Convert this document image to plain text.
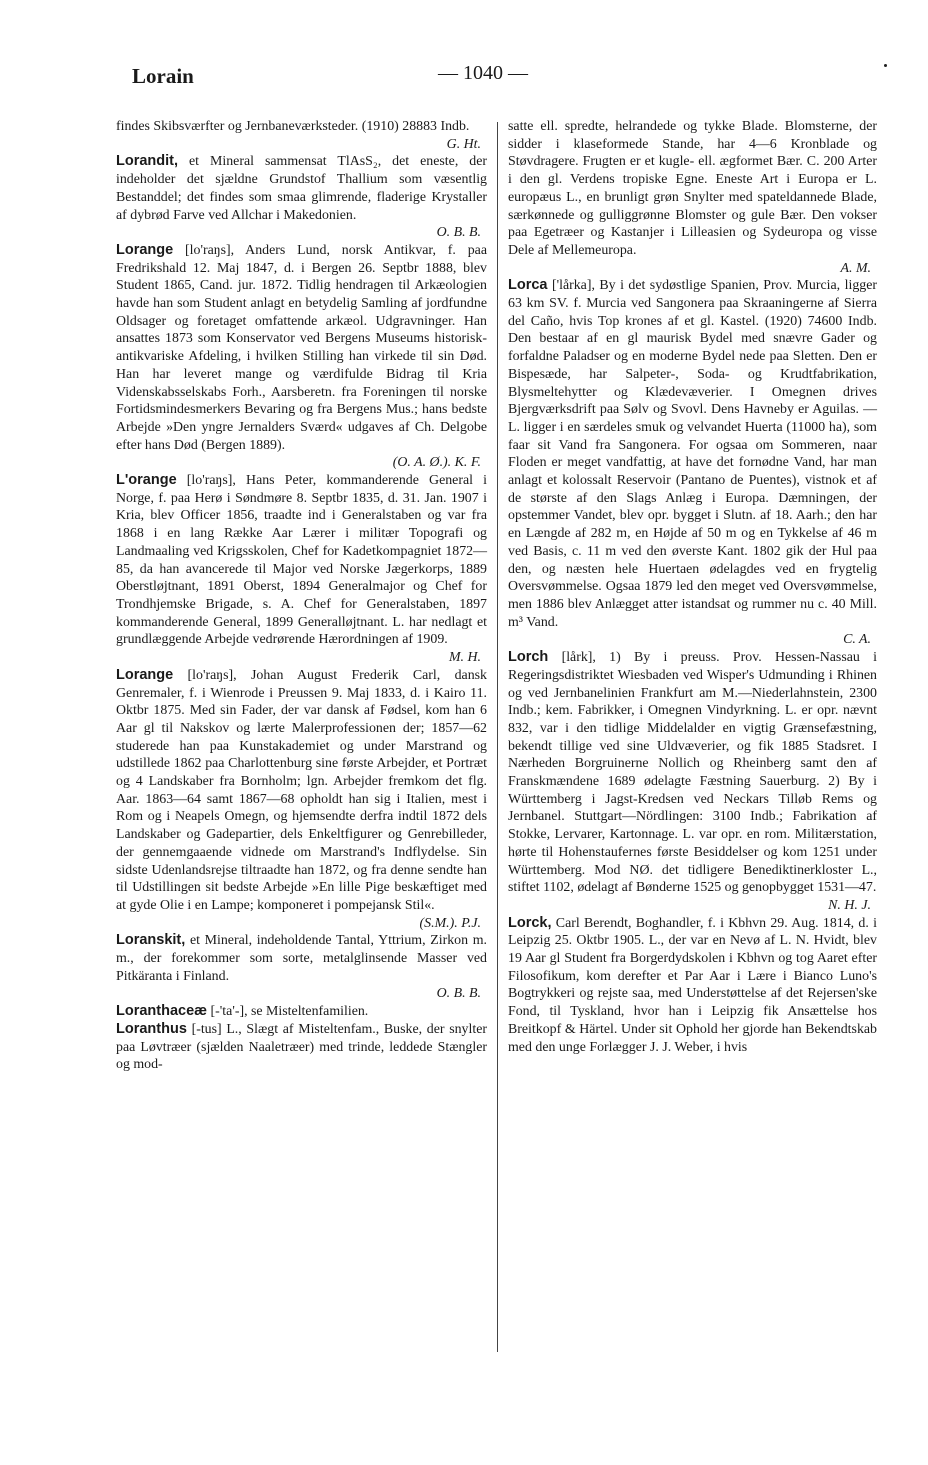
Lorain	— 1040 —

findes Skibsværfter og Jernbaneværksteder. (1910) 28883 Indb.
G. Ht.

Lorandit, et Mineral sammensat TlAsS₂, det eneste, der indeholder det sjældne Grundstof Thallium som væsentlig Bestanddel; det findes som smaa glimrende, fladerige Krystaller af dybrød Farve ved Allchar i Makedonien.
O. B. B.

Lorange [lo'raŋs], Anders Lund, norsk Antikvar, f. paa Fredrikshald 12. Maj 1847, d. i Bergen 26. Septbr 1888, blev Student 1865, Cand. jur. 1872. Tidlig hendragen til Arkæologien havde han som Student anlagt en betydelig Samling af jordfundne Oldsager og foretaget omfattende arkæol. Udgravninger. Han ansattes 1873 som Konservator ved Bergens Museums historisk-antikvariske Afdeling, i hvilken Stilling han virkede til sin Død. Han har leveret mange og værdifulde Bidrag til Kria Videnskabsselskabs Forh., Aarsberetn. fra Foreningen til norske Fortidsmindesmerkers Bevaring og fra Bergens Mus.; hans bedste Arbejde »Den yngre Jernalders Sværd« udgaves af Ch. Delgobe efter hans Død (Bergen 1889).
(O. A. Ø.). K. F.

L'orange [lo'raŋs], Hans Peter, kommanderende General i Norge, f. paa Herø i Søndmøre 8. Septbr 1835, d. 31. Jan. 1907 i Kria, blev Officer 1856, traadte ind i Generalstaben og var fra 1868 i en lang Række Aar Lærer i militær Topografi og Landmaaling ved Krigsskolen, Chef for Kadetkompagniet 1872—85, da han avancerede til Major ved Norske Jægerkorps, 1889 Oberstløjtnant, 1891 Oberst, 1894 Generalmajor og Chef for Trondhjemske Brigade, s. A. Chef for Generalstaben, 1897 kommanderende General, 1899 Generalløjtnant. L. har nedlagt et grundlæggende Arbejde vedrørende Hærordningen af 1909.
M. H.

Lorange [lo'raŋs], Johan August Frederik Carl, dansk Genremaler, f. i Wienrode i Preussen 9. Maj 1833, d. i Kairo 11. Oktbr 1875. Med sin Fader, der var dansk af Fødsel, kom han 6 Aar gl til Nakskov og lærte Malerprofessionen der; 1857—62 studerede han paa Kunstakademiet og under Marstrand og udstillede 1862 paa Charlottenburg sine første Arbejder, et Portræt og 4 Landskaber fra Bornholm; lgn. Arbejder fremkom det flg. Aar. 1863—64 samt 1867—68 opholdt han sig i Italien, mest i Rom og i Neapels Omegn, og hjemsendte derfra indtil 1872 dels Landskaber og Gadepartier, dels Enkeltfigurer og Genrebilleder, der gennemgaaende vidnede om Marstrand's Indflydelse. Sin sidste Udenlandsrejse tiltraadte han 1872, og fra denne sendte han til Udstillingen sit bedste Arbejde »En lille Pige beskæftiget med at gyde Olie i en Lampe; komponeret i pompejansk Stil«.
(S.M.). P.J.

Loranskit, et Mineral, indeholdende Tantal, Yttrium, Zirkon m. m., der forekommer som sorte, metalglinsende Masser ved Pitkäranta i Finland.
O. B. B.

Loranthaceæ [-'ta'-], se Misteltenfamilien.

Loranthus [-tus] L., Slægt af Misteltenfam., Buske, der snylter paa Løvtræer (sjælden Naaletræer) med trinde, leddede Stængler og mod-

satte ell. spredte, helrandede og tykke Blade. Blomsterne, der sidder i klaseformede Stande, har 4—6 Kronblade og Støvdragere. Frugten er et kugle- ell. ægformet Bær. C. 200 Arter i den gl. Verdens tropiske Egne. Eneste Art i Europa er L. europæus L., en brunligt grøn Snylter med spateldannede Blade, særkønnede og gulliggrønne Blomster og gule Bær. Den vokser paa Egetræer og Kastanjer i Lilleasien og Sydeuropa og visse Dele af Mellemeuropa.
A. M.

Lorca ['lårka], By i det sydøstlige Spanien, Prov. Murcia, ligger 63 km SV. f. Murcia ved Sangonera paa Skraaningerne af Sierra del Caño, hvis Top krones af et gl. Kastel. (1920) 74600 Indb. Den bestaar af en gl maurisk Bydel med snævre Gader og forfaldne Paladser og en moderne Bydel nede paa Sletten. Den er Bispesæde, har Salpeter-, Soda- og Krudtfabrikation, Blysmeltehytter og Klædevæverier. I Omegnen drives Bjergværksdrift paa Sølv og Svovl. Dens Havneby er Aguilas. — L. ligger i en særdeles smuk og velvandet Huerta (11000 ha), som faar sit Vand fra Sangonera. For ogsaa om Sommeren, naar Floden er meget vandfattig, at have det fornødne Vand, har man anlagt et kolossalt Reservoir (Pantano de Puentes), vistnok et af de største af den Slags Anlæg i Europa. Dæmningen, der opstemmer Vandet, blev opr. bygget i Slutn. af 18. Aarh.; den har en Længde af 282 m, en Højde af 50 m og en Tykkelse af 46 m ved Basis, c. 11 m ved den øverste Kant. 1802 gik der Hul paa den, og næsten hele Huertaen ødelagdes ved en frygtelig Oversvømmelse. Ogsaa 1879 led den meget ved Oversvømmelse, men 1886 blev Anlægget atter istandsat og rummer nu c. 40 Mill. m³ Vand.
C. A.

Lorch [lårk], 1) By i preuss. Prov. Hessen-Nassau i Regeringsdistriktet Wiesbaden ved Wisper's Udmunding i Rhinen og ved Jernbanelinien Frankfurt am M.—Niederlahnstein, 2300 Indb.; kem. Fabrikker, i Omegnen Vindyrkning. L. er opr. nævnt 832, var i den tidlige Middelalder en vigtig Grænsefæstning, bekendt tillige ved sine Uldvæverier, og fik 1885 Stadsret. I Nærheden Borgruinerne Nollich og Rheinberg samt den af Franskmændene 1689 ødelagte Fæstning Sauerburg. 2) By i Württemberg i Jagst-Kredsen ved Neckars Tilløb Rems og Jernbanel. Stuttgart—Nördlingen: 3100 Indb.; Fabrikation af Stokke, Lervarer, Kartonnage. L. var opr. en rom. Militærstation, hørte til Hohenstaufernes første Besiddelser og kom 1251 under Württemberg. Mod NØ. det tidligere Benediktinerkloster L., stiftet 1102, ødelagt af Bønderne 1525 og genopbygget 1531—47.
N. H. J.

Lorck, Carl Berendt, Boghandler, f. i Kbhvn 29. Aug. 1814, d. i Leipzig 25. Oktbr 1905. L., der var en Nevø af L. N. Hvidt, blev 19 Aar gl Student fra Borgerdydskolen i Kbhvn og tog Aaret efter Filosofikum, kom derefter et Par Aar i Lære i Bianco Luno's Bogtrykkeri og rejste saa, med Understøttelse af det Rejersen'ske Fond, til Tyskland, hvor han i Leipzig fik Ansættelse hos Breitkopf & Härtel. Under sit Ophold her gjorde han Bekendtskab med den unge Forlægger J. J. Weber, i hvis
